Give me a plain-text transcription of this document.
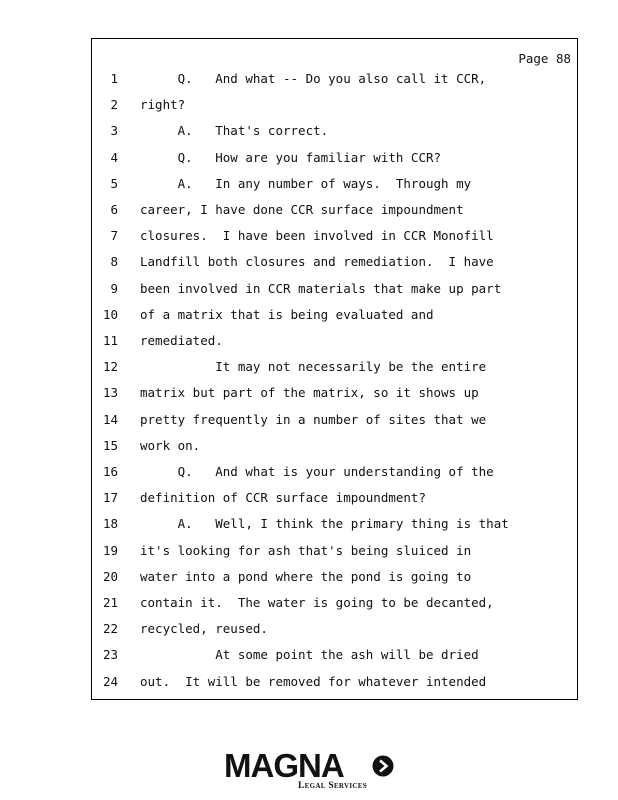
Page 88
1 Q.   And what -- Do you also call it CCR,
2 right?
3 A.   That's correct.
4 Q.   How are you familiar with CCR?
5 A.   In any number of ways.  Through my
6 career, I have done CCR surface impoundment
7 closures.  I have been involved in CCR Monofill
8 Landfill both closures and remediation.  I have
9 been involved in CCR materials that make up part
10 of a matrix that is being evaluated and
11 remediated.
12 It may not necessarily be the entire
13 matrix but part of the matrix, so it shows up
14 pretty frequently in a number of sites that we
15 work on.
16 Q.   And what is your understanding of the
17 definition of CCR surface impoundment?
18 A.   Well, I think the primary thing is that
19 it's looking for ash that's being sluiced in
20 water into a pond where the pond is going to
21 contain it.  The water is going to be decanted,
22 recycled, reused.
23 At some point the ash will be dried
24 out.  It will be removed for whatever intended
MAGNA
Legal Services
